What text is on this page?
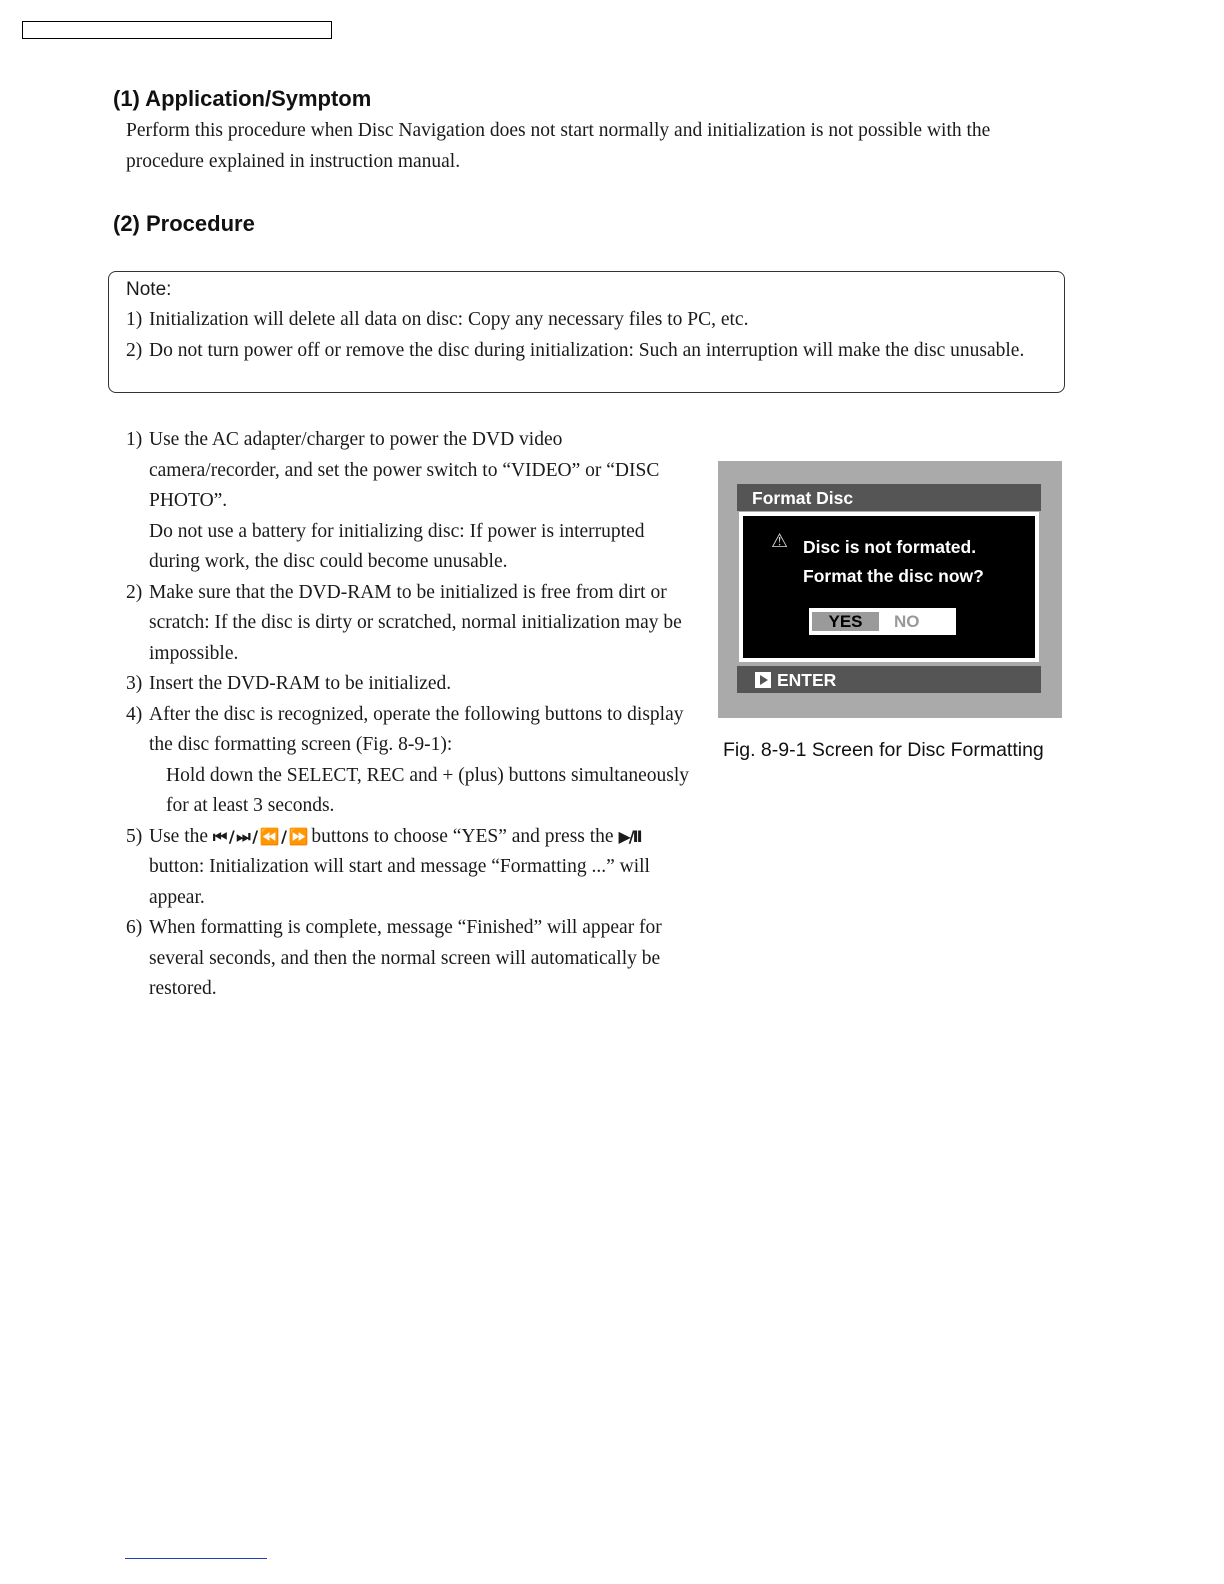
(1) Application/Symptom

Perform this procedure when Disc Navigation does not start normally and initialization is not possible with the procedure explained in instruction manual.

(2) Procedure

Note:

1) Initialization will delete all data on disc: Copy any necessary files to PC, etc.

2) Do not turn power off or remove the disc during initialization: Such an interruption will make the disc unusable.

1) Use the AC adapter/charger to power the DVD video camera/recorder, and set the power switch to “VIDEO” or “DISC PHOTO”.

Do not use a battery for initializing disc: If power is interrupted during work, the disc could become unusable.

2) Make sure that the DVD-RAM to be initialized is free from dirt or scratch: If the disc is dirty or scratched, normal initialization may be impossible.

3) Insert the DVD-RAM to be initialized.

4) After the disc is recognized, operate the following buttons to display the disc formatting screen (Fig. 8-9-1):

Hold down the SELECT, REC and + (plus) buttons simultaneously for at least 3 seconds.

5) Use the ⏮ / ⏭ / ⏪ / ⏩ buttons to choose “YES” and press the ▶/II button: Initialization will start and message “Formatting ...” will appear.

6) When formatting is complete, message “Finished” will appear for several seconds, and then the normal screen will automatically be restored.

Format Disc
⚠ Disc is not formated.
Format the disc now?

YES	NO
ENTER

Fig. 8-9-1 Screen for Disc Formatting
